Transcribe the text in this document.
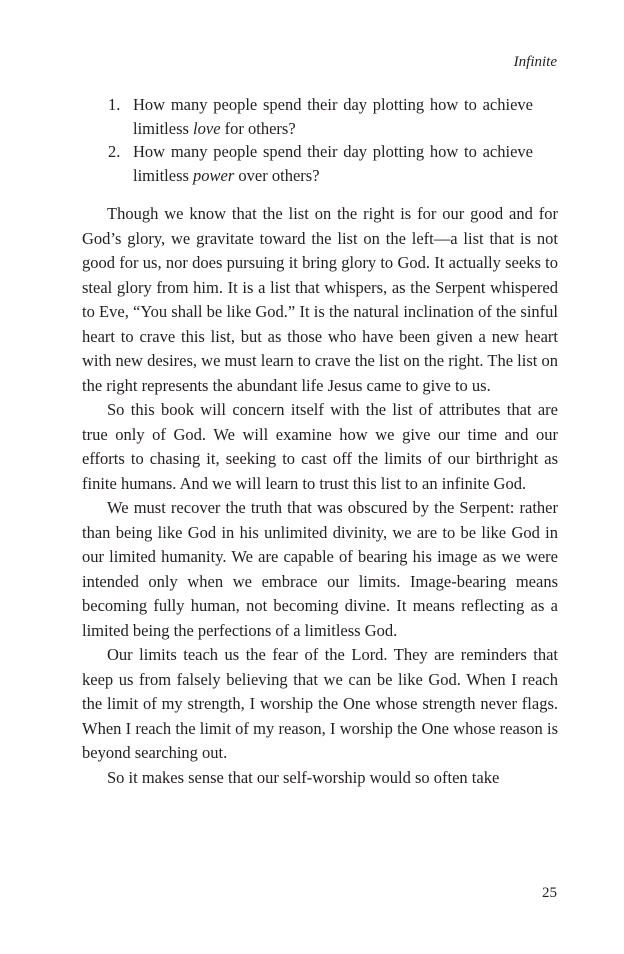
Infinite
1. How many people spend their day plotting how to achieve limitless love for others?
2. How many people spend their day plotting how to achieve limitless power over others?

Though we know that the list on the right is for our good and for God’s glory, we gravitate toward the list on the left—a list that is not good for us, nor does pursuing it bring glory to God. It actually seeks to steal glory from him. It is a list that whispers, as the Serpent whispered to Eve, “You shall be like God.” It is the natural inclination of the sinful heart to crave this list, but as those who have been given a new heart with new desires, we must learn to crave the list on the right. The list on the right represents the abundant life Jesus came to give to us.

So this book will concern itself with the list of attributes that are true only of God. We will examine how we give our time and our efforts to chasing it, seeking to cast off the limits of our birthright as finite humans. And we will learn to trust this list to an infinite God.

We must recover the truth that was obscured by the Serpent: rather than being like God in his unlimited divinity, we are to be like God in our limited humanity. We are capable of bearing his image as we were intended only when we embrace our limits. Image-bearing means becoming fully human, not becoming divine. It means reflecting as a limited being the perfections of a limitless God.

Our limits teach us the fear of the Lord. They are reminders that keep us from falsely believing that we can be like God. When I reach the limit of my strength, I worship the One whose strength never flags. When I reach the limit of my reason, I worship the One whose reason is beyond searching out.

So it makes sense that our self-worship would so often take

25
